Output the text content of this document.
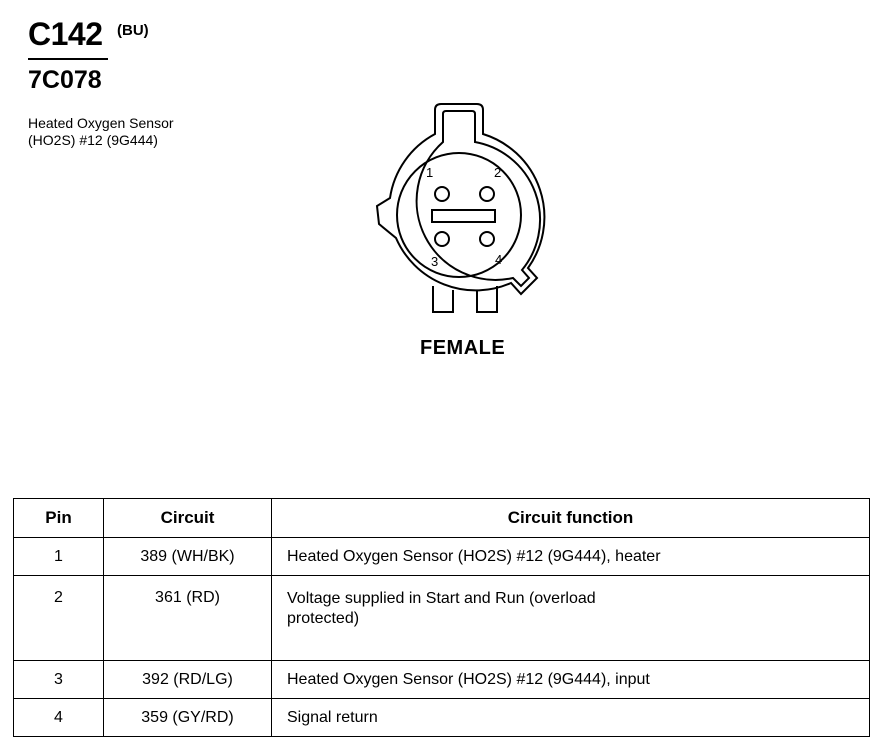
C142 (BU)
7C078
Heated Oxygen Sensor
(HO2S) #12 (9G444)
1	2
3	4
FEMALE
Pin	Circuit	Circuit function
1	389 (WH/BK)	Heated Oxygen Sensor (HO2S) #12 (9G444), heater

2	361 (RD)	Voltage supplied in Start and Run (overload
protected)

3	392 (RD/LG)	Heated Oxygen Sensor (HO2S) #12 (9G444), input

4	359 (GY/RD)	Signal return
